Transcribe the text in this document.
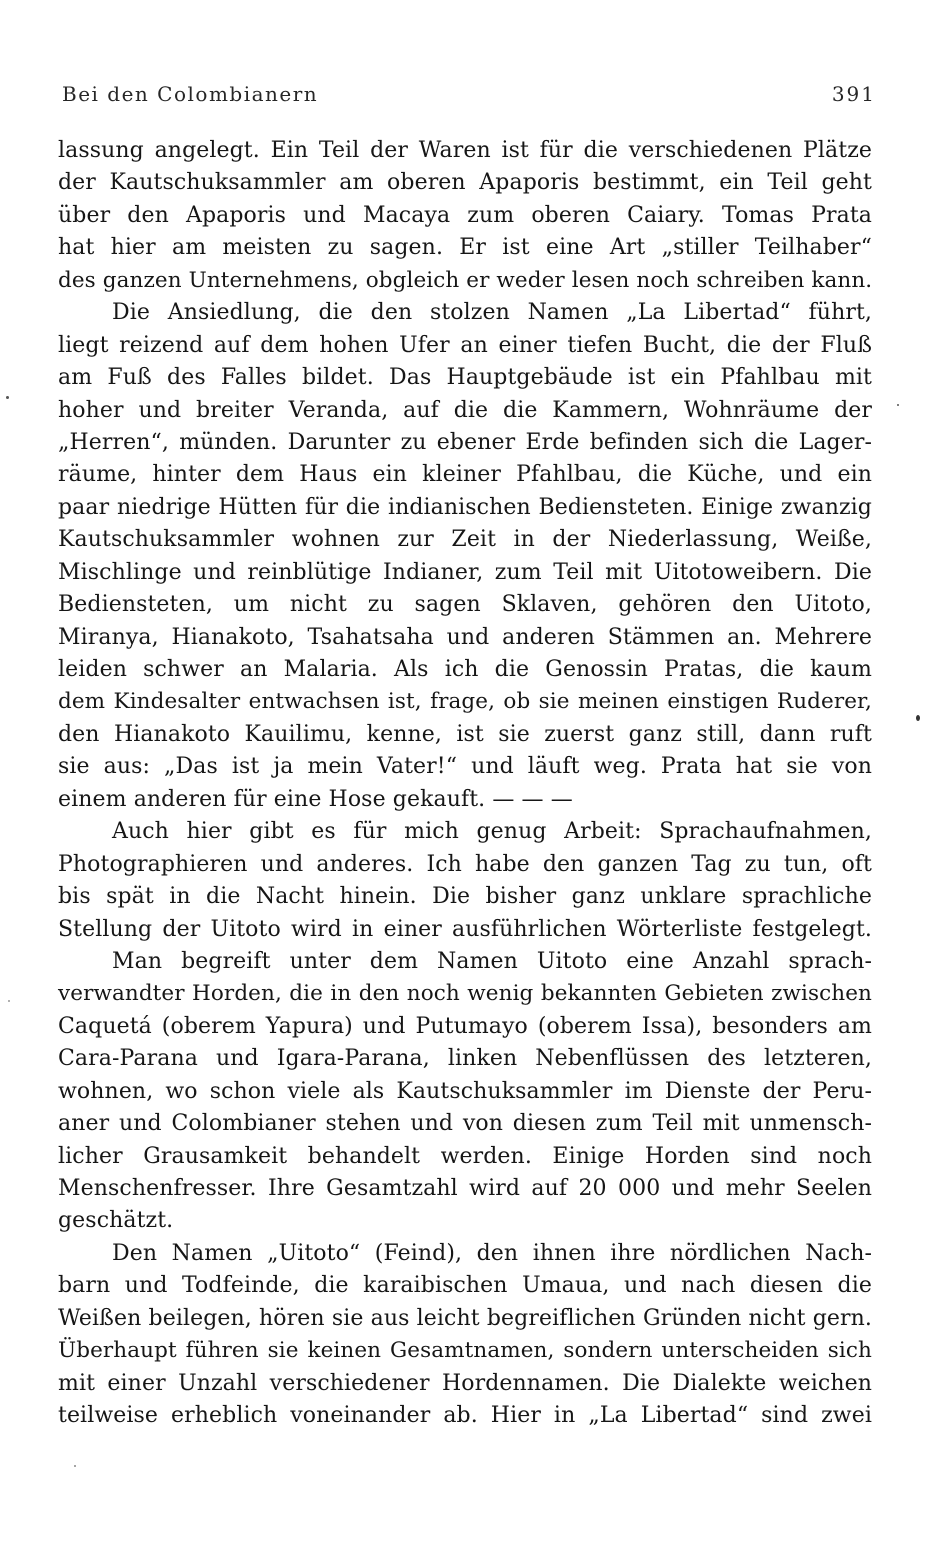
Bei den Colombianern	391
lassung angelegt. Ein Teil der Waren ist für die verschiedenen Plätze
der Kautschuksammler am oberen Apaporis bestimmt, ein Teil geht
über den Apaporis und Macaya zum oberen Caiary. Tomas Prata
hat hier am meisten zu sagen. Er ist eine Art „stiller Teilhaber“
des ganzen Unternehmens, obgleich er weder lesen noch schreiben kann.
Die Ansiedlung, die den stolzen Namen „La Libertad“ führt,
liegt reizend auf dem hohen Ufer an einer tiefen Bucht, die der Fluß
am Fuß des Falles bildet. Das Hauptgebäude ist ein Pfahlbau mit
hoher und breiter Veranda, auf die die Kammern, Wohnräume der
„Herren“, münden. Darunter zu ebener Erde befinden sich die Lager-
räume, hinter dem Haus ein kleiner Pfahlbau, die Küche, und ein
paar niedrige Hütten für die indianischen Bediensteten. Einige zwanzig
Kautschuksammler wohnen zur Zeit in der Niederlassung, Weiße,
Mischlinge und reinblütige Indianer, zum Teil mit Uitotoweibern. Die
Bediensteten, um nicht zu sagen Sklaven, gehören den Uitoto,
Miranya, Hianakoto, Tsahatsaha und anderen Stämmen an. Mehrere
leiden schwer an Malaria. Als ich die Genossin Pratas, die kaum
dem Kindesalter entwachsen ist, frage, ob sie meinen einstigen Ruderer,
den Hianakoto Kauilimu, kenne, ist sie zuerst ganz still, dann ruft
sie aus: „Das ist ja mein Vater!“ und läuft weg. Prata hat sie von
einem anderen für eine Hose gekauft. — — —
Auch hier gibt es für mich genug Arbeit: Sprachaufnahmen,
Photographieren und anderes. Ich habe den ganzen Tag zu tun, oft
bis spät in die Nacht hinein. Die bisher ganz unklare sprachliche
Stellung der Uitoto wird in einer ausführlichen Wörterliste festgelegt.
Man begreift unter dem Namen Uitoto eine Anzahl sprach-
verwandter Horden, die in den noch wenig bekannten Gebieten zwischen
Caquetá (oberem Yapura) und Putumayo (oberem Issa), besonders am
Cara-Parana und Igara-Parana, linken Nebenflüssen des letzteren,
wohnen, wo schon viele als Kautschuksammler im Dienste der Peru-
aner und Colombianer stehen und von diesen zum Teil mit unmensch-
licher Grausamkeit behandelt werden. Einige Horden sind noch
Menschenfresser. Ihre Gesamtzahl wird auf 20 000 und mehr Seelen
geschätzt.
Den Namen „Uitoto“ (Feind), den ihnen ihre nördlichen Nach-
barn und Todfeinde, die karaibischen Umaua, und nach diesen die
Weißen beilegen, hören sie aus leicht begreiflichen Gründen nicht gern.
Überhaupt führen sie keinen Gesamtnamen, sondern unterscheiden sich
mit einer Unzahl verschiedener Hordennamen. Die Dialekte weichen
teilweise erheblich voneinander ab. Hier in „La Libertad“ sind zwei
